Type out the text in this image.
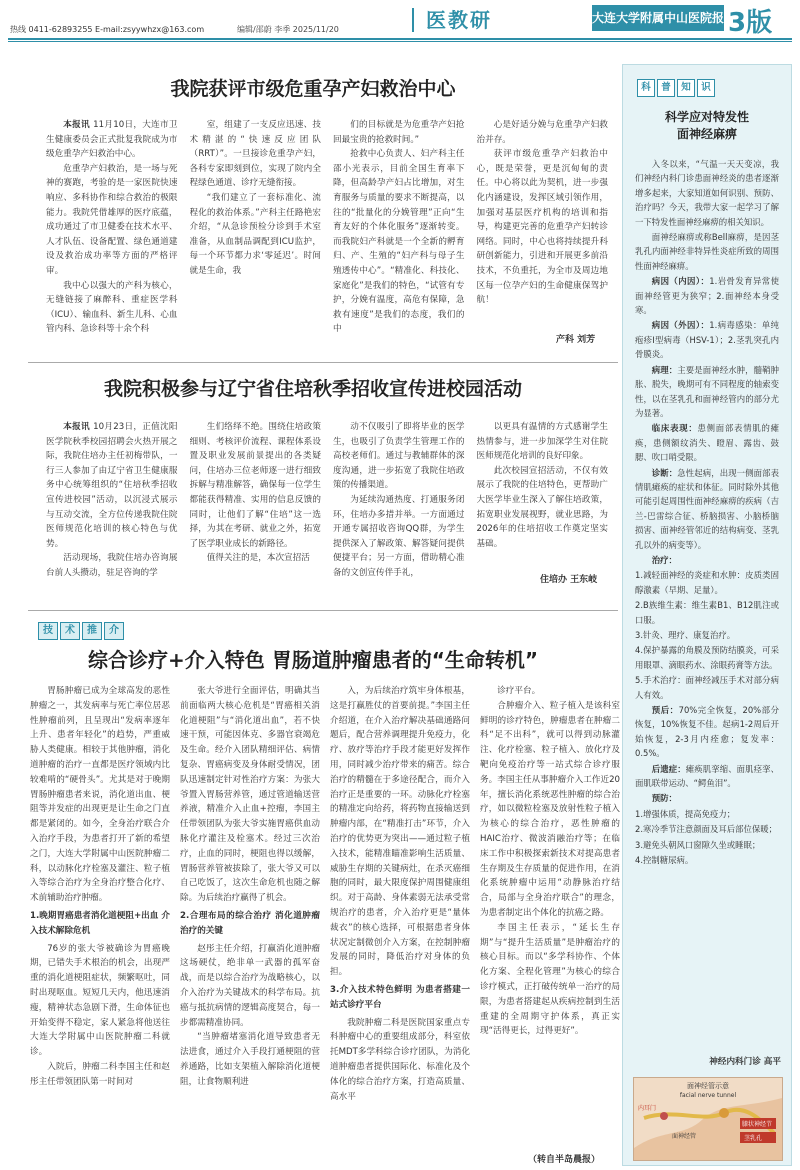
热线 0411-62893255 E-mail:zsyywhzx@163.com	编辑/邵蔚 李季 2025/11/20	医教研	大连大学附属中山医院报 3版
我院获评市级危重孕产妇救治中心

本报讯 11月10日，大连市卫生健康委员会正式批复我院成为市级危重孕产妇救治中心。

危重孕产妇救治，是一场与死神的赛跑，考验的是一家医院快速响应、多科协作和综合救治的极限能力。我院凭借雄厚的医疗底蕴，成功通过了市卫健委在技术水平、人才队伍、设备配置、绿色通道建设及救治成功率等方面的严格评审。

我中心以强大的产科为核心，无缝链接了麻醉科、重症医学科（ICU）、输血科、新生儿科、心血管内科、急诊科等十余个科

室，组建了一支反应迅速、技术精湛的“快速反应团队（RRT）”。一旦接诊危重孕产妇，各科专家即刻到位，实现了院内全程绿色通道、诊疗无缝衔接。

“我们建立了一套标准化、流程化的救治体系。”产科主任路艳宏介绍，“从急诊预检分诊到手术室准备，从血制品调配到ICU监护，每一个环节都力求‘零延迟’。时间就是生命，我

们的目标就是为危重孕产妇抢回最宝贵的抢救时间。”

抢救中心负责人、妇产科主任邵小光表示，目前全国生育率下降，但高龄孕产妇占比增加，对生育服务与质量的要求不断提高，以往的“批量化的分娩管理”正向“生育友好的个体化服务”逐渐转变。而我院妇产科就是一个全新的孵育归、产、生殖的“妇产科与母子生殖透传中心”。“精准化、科技化、家庭化”是我们的特色，“试管有专护，分娩有温度，高危有保障，急救有速度”是我们的态度，我们的中

心是好适分娩与危重孕产妇救治并存。

获评市级危重孕产妇救治中心，既是荣誉，更是沉甸甸的责任。中心将以此为契机，进一步强化内涵建设，发挥区域引领作用，加强对基层医疗机构的培训和指导，构建更完善的危重孕产妇转诊网络。同时，中心也将持续提升科研创新能力，引进和开展更多前沿技术，不负重托，为全市及周边地区每一位孕产妇的生命健康保驾护航！

产科 刘芳
我院积极参与辽宁省住培秋季招收宣传进校园活动

本报讯 10月23日，正值沈阳医学院秋季校园招聘会火热开展之际，我院住培办主任初梅带队，一行三人参加了由辽宁省卫生健康服务中心统筹组织的“住培秋季招收宣传进校园”活动，以沉浸式展示与互动交流，全方位传递我院住院医师规范化培训的核心特色与优势。

活动现场，我院住培办咨询展台前人头攒动，驻足咨询的学

生们络绎不绝。围绕住培政策细则、考核评价流程、课程体系设置及职业发展前景提出的各类疑问，住培办三位老师逐一进行细致拆解与精准解答，确保每一位学生都能获得精准、实用的信息反馈的同时，让他们了解“住培”这一选择，为其在考研、就业之外，拓宽了医学职业成长的新路径。

值得关注的是，本次宣招活

动不仅吸引了即将毕业的医学生，也吸引了负责学生管理工作的高校老师们。通过与教辅群体的深度沟通，进一步拓宽了我院住培政策的传播渠道。

为延续沟通热度、打通服务闭环，住培办多措并举。一方面通过开通专属招收咨询QQ群，为学生提供深入了解政策、解答疑问提供便捷平台；另一方面，借助精心准备的文创宣传伴手礼，

以更具有温情的方式感谢学生热情参与，进一步加深学生对住院医师规范化培训的良好印象。

此次校园宣招活动，不仅有效展示了我院的住培特色，更帮助广大医学毕业生深入了解住培政策，拓宽职业发展视野，就业思路，为2026年的住培招收工作奠定坚实基础。

住培办 王东岐
技	术	推	介
综合诊疗+介入特色 胃肠道肿瘤患者的“生命转机”

胃肠肿瘤已成为全球高发的恶性肿瘤之一，其发病率与死亡率位居恶性肿瘤前列，且呈现出“发病率逐年上升、患者年轻化”的趋势，严重威胁人类健康。相较于其他肿瘤，消化道肿瘤的治疗一直都是医疗领域内比较难啃的“硬骨头”。尤其是对于晚期胃肠肿瘤患者来说，消化道出血、梗阻等并发症的出现更是让生命之门直都是紧闭的。如今，全身治疗联合介入治疗手段，为患者打开了新的希望之门，大连大学附属中山医院肿瘤二科，以动脉化疗栓塞及灌注、粒子植入等综合治疗为全身治疗整合化疗、术前辅助治疗肿瘤。

1.晚期胃癌患者消化道梗阻+出血 介入技术解除危机

76岁的张大爷被确诊为胃癌晚期，已错失手术根治的机会，出现严重的消化道梗阻症状，频繁呕吐，同时出现呕血。短短几天内，他迅速消瘦，精神状态急剧下滑，生命体征也开始变得不稳定，家人紧急将他送往大连大学附属中山医院肿瘤二科就诊。

入院后，肿瘤二科李国主任和赵彤主任带领团队第一时间对

张大爷进行全面评估，明确其当前面临两大核心危机是“胃癌相关消化道梗阻”与“消化道出血”，若不快速干预，可能因体克、多器官衰竭危及生命。经介入团队精细评估、病情复杂、胃癌病变及身体耐受情况，团队迅速制定针对性治疗方案：为张大爷置入胃肠营养管，通过管道输送营养液，精准介入止血+控瘤，李国主任带领团队为张大爷实施胃癌供血动脉化疗灌注及栓塞术。经过三次治疗，止血的同时，梗阻也得以缓解，胃肠营养管被拔除了，张大爷又可以自己吃饭了，这次生命危机也随之解除。为后续治疗赢得了机会。

2.合理布局的综合治疗 消化道肿瘤治疗的关键

赵彤主任介绍，打赢消化道肿瘤这场硬仗，绝非单一武器的孤军奋战，而是以综合治疗为战略核心，以介入治疗为关键战术的科学布局。抗癌与抵抗病情的逻辑高度契合，每一步都需精准协同。

“当肿瘤堵塞消化道导致患者无法进食，通过介入手段打通梗阻的营养通路，比如支架植入解除消化道梗阻，让食物顺利进

入，为后续治疗筑牢身体根基，这是打赢胜仗的首要前提。”李国主任介绍道，在介入治疗解决基础通路问题后，配合营养调理提升免疫力，化疗、放疗等治疗手段才能更好发挥作用，同时减少治疗带来的痛苦。综合治疗的精髓在于多途径配合，而介入治疗正是重要的一环。动脉化疗栓塞的精准定向给药，将药物直接输送到肿瘤内部，在“精准打击”环节，介入治疗的优势更为突出——通过粒子植入技术，能精准瞄准影响生活质量、威胁生存期的关键病灶，在杀灭癌细胞的同时，最大限度保护周围健康组织。对于高龄、身体素弱无法承受常规治疗的患者，介入治疗更是“量体裁衣”的核心选择，可根据患者身体状况定制微创介入方案，在控制肿瘤发展的同时，降低治疗对身体的负担。

3.介入技术特色鲜明 为患者搭建一站式诊疗平台

我院肿瘤二科是医院国家重点专科肿瘤中心的重要组成部分，科室依托MDT多学科综合诊疗团队，为消化道肿瘤患者提供国际化、标准化及个体化的综合治疗方案，打造高质量、高水平

诊疗平台。

合肿瘤介入、粒子植入是该科室鲜明的诊疗特色，肿瘤患者在肿瘤二科“足不出科”，就可以得到动脉灌注、化疗栓塞、粒子植入、放化疗及靶向免疫治疗等一站式综合诊疗服务。李国主任从事肿瘤介入工作近20年，擅长消化系统恶性肿瘤的综合治疗，如以微粒栓塞及放射性粒子植入为核心的综合治疗，恶性肿瘤的HAIC治疗、微波消融治疗等；在临床工作中积极探索新技术对提高患者生存期及生存质量的促进作用，在消化系统肿瘤中运用“动静脉治疗结合，局部与全身治疗联合”的理念，为患者制定出个体化的抗癌之路。

李国主任表示，“延长生存期”与“提升生活质量”是肿瘤治疗的核心目标。而以“多学科协作、个体化方案、全程化管理”为核心的综合诊疗模式，正打破传统单一治疗的局限，为患者搭建起从疾病控制到生活重建的全周期守护体系，真正实现“活得更长，过得更好”。

（转自半岛晨报）
科	普	知	识
科学应对特发性
面神经麻痹

入冬以来，“气温一天天变凉，我们神经内科门诊患面神经炎的患者逐渐增多起来，大家知道如何识别、预防、治疗吗？今天，我带大家一起学习了解一下特发性面神经麻痹的相关知识。

面神经麻痹或称Bell麻痹，是因茎乳孔内面神经非特异性炎症所致的周围性面神经麻痹。

病因（内因）：1.岩骨发育异常使面神经管更为狭窄；2.面神经本身受寒。

病因（外因）：1.病毒感染：单纯疱疹I型病毒（HSV-1）；2.茎乳突孔内骨膜炎。

病理：主要是面神经水肿，髓鞘肿胀、脱失，晚期可有不同程度的轴索变性，以在茎乳孔和面神经管内的部分尤为显著。

临床表现：患侧面部表情肌的瘫痪，患侧额纹消失、瞪眉、露齿、鼓腮、吹口哨受限。

诊断：急性起病，出现一侧面部表情肌瘫痪的症状和体征。同时除外其他可能引起周围性面神经麻痹的疾病（吉兰-巴雷综合征、桥脑损害、小脑桥脑损害、面神经管邻近的结构病变、茎乳孔以外的病变等）。

治疗：

1.减轻面神经的炎症和水肿：皮质类固醇激素（早期、足量）。

2.B族维生素：维生素B1、B12肌注或口服。

3.针灸、理疗、康复治疗。

4.保护暴露的角膜及预防结膜炎，可采用眼罩、滴眼药水、涂眼药膏等方法。

5.手术治疗：面神经减压手术对部分病人有效。

预后：70%完全恢复，20%部分恢复，10%恢复不佳。起病1-2周后开始恢复，2-3月内痊愈；复发率：0.5%。

后遗症：瘫痪肌挛缩、面肌痉挛、面肌联带运动、“鳄鱼泪”。

预防：

1.增强体质，提高免疫力；

2.寒冷季节注意颜面及耳后部位保暖；

3.避免头朝风口窗隙久坐或睡眠；

4.控制糖尿病。

神经内科门诊 高平
面神经管示意
facial nerve tunnel
内耳门
面神经管
膝状神经节
茎乳孔
